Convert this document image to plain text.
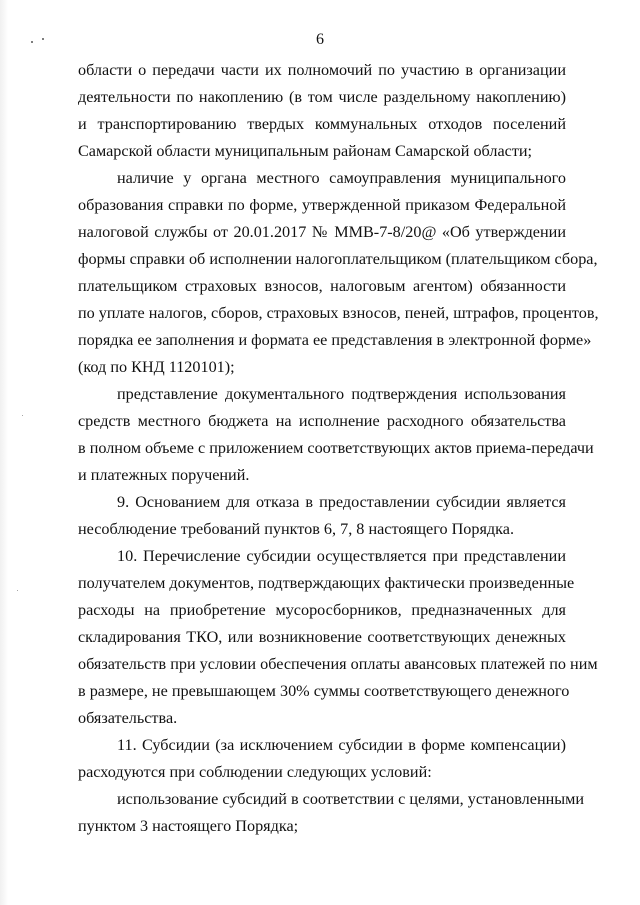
6
области о передачи части их полномочий по участию в организации
деятельности по накоплению (в том числе раздельному накоплению)
и транспортированию твердых коммунальных отходов поселений
Самарской области муниципальным районам Самарской области;
наличие у органа местного самоуправления муниципального
образования справки по форме, утвержденной приказом Федеральной
налоговой службы от 20.01.2017 № ММВ-7-8/20@ «Об утверждении
формы справки об исполнении налогоплательщиком (плательщиком сбора,
плательщиком страховых взносов, налоговым агентом) обязанности
по уплате налогов, сборов, страховых взносов, пеней, штрафов, процентов,
порядка ее заполнения и формата ее представления в электронной форме»
(код по КНД 1120101);
представление документального подтверждения использования
средств местного бюджета на исполнение расходного обязательства
в полном объеме с приложением соответствующих актов приема-передачи
и платежных поручений.
9. Основанием для отказа в предоставлении субсидии является
несоблюдение требований пунктов 6, 7, 8 настоящего Порядка.
10. Перечисление субсидии осуществляется при представлении
получателем документов, подтверждающих фактически произведенные
расходы на приобретение мусоросборников, предназначенных для
складирования ТКО, или возникновение соответствующих денежных
обязательств при условии обеспечения оплаты авансовых платежей по ним
в размере, не превышающем 30% суммы соответствующего денежного
обязательства.
11. Субсидии (за исключением субсидии в форме компенсации)
расходуются при соблюдении следующих условий:
использование субсидий в соответствии с целями, установленными
пунктом 3 настоящего Порядка;
